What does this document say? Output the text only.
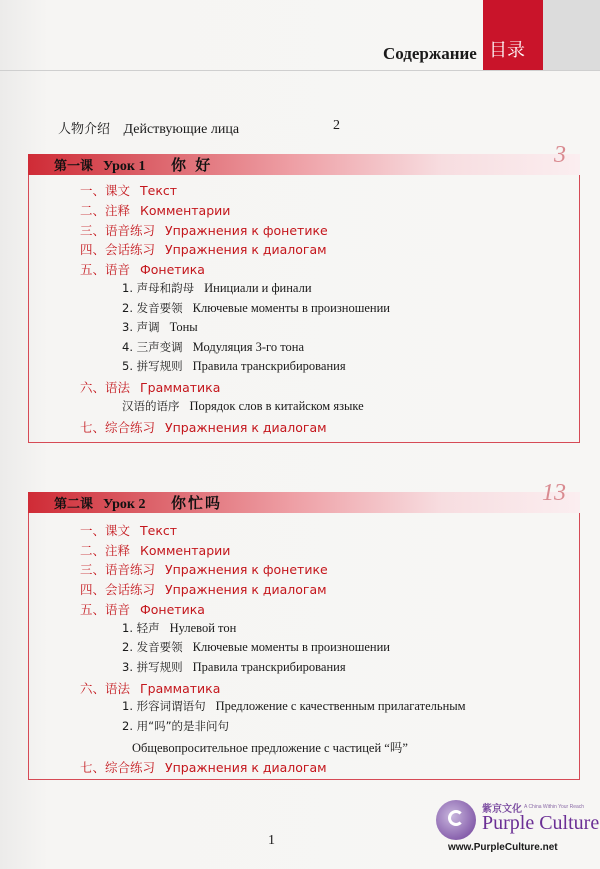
Содержание 目录
人物介绍 Действующие лица	2
第一课 Урок 1 你 好	3
一、课文 Текст
二、注释 Комментарии
三、语音练习 Упражнения к фонетике
四、会话练习 Упражнения к диалогам
五、语音 Фонетика
1. 声母和韵母 Инициали и финали
2. 发音要领 Ключевые моменты в произношении
3. 声调 Тоны
4. 三声变调 Модуляция 3-го тона
5. 拼写规则 Правила транскрибирования
六、语法 Грамматика
汉语的语序 Порядок слов в китайском языке
七、综合练习 Упражнения к диалогам
第二课 Урок 2 你忙吗	13
一、课文 Текст
二、注释 Комментарии
三、语音练习 Упражнения к фонетике
四、会话练习 Упражнения к диалогам
五、语音 Фонетика
1. 轻声 Нулевой тон
2. 发音要领 Ключевые моменты в произношении
3. 拼写规则 Правила транскрибирования
六、语法 Грамматика
1. 形容词谓语句 Предложение с качественным прилагательным
2. 用“吗”的是非问句
Общевопросительное предложение с частицей “吗”
七、综合练习 Упражнения к диалогам
1
紫京文化 A China Within Your Reach
Purple Culture
www.PurpleCulture.net
